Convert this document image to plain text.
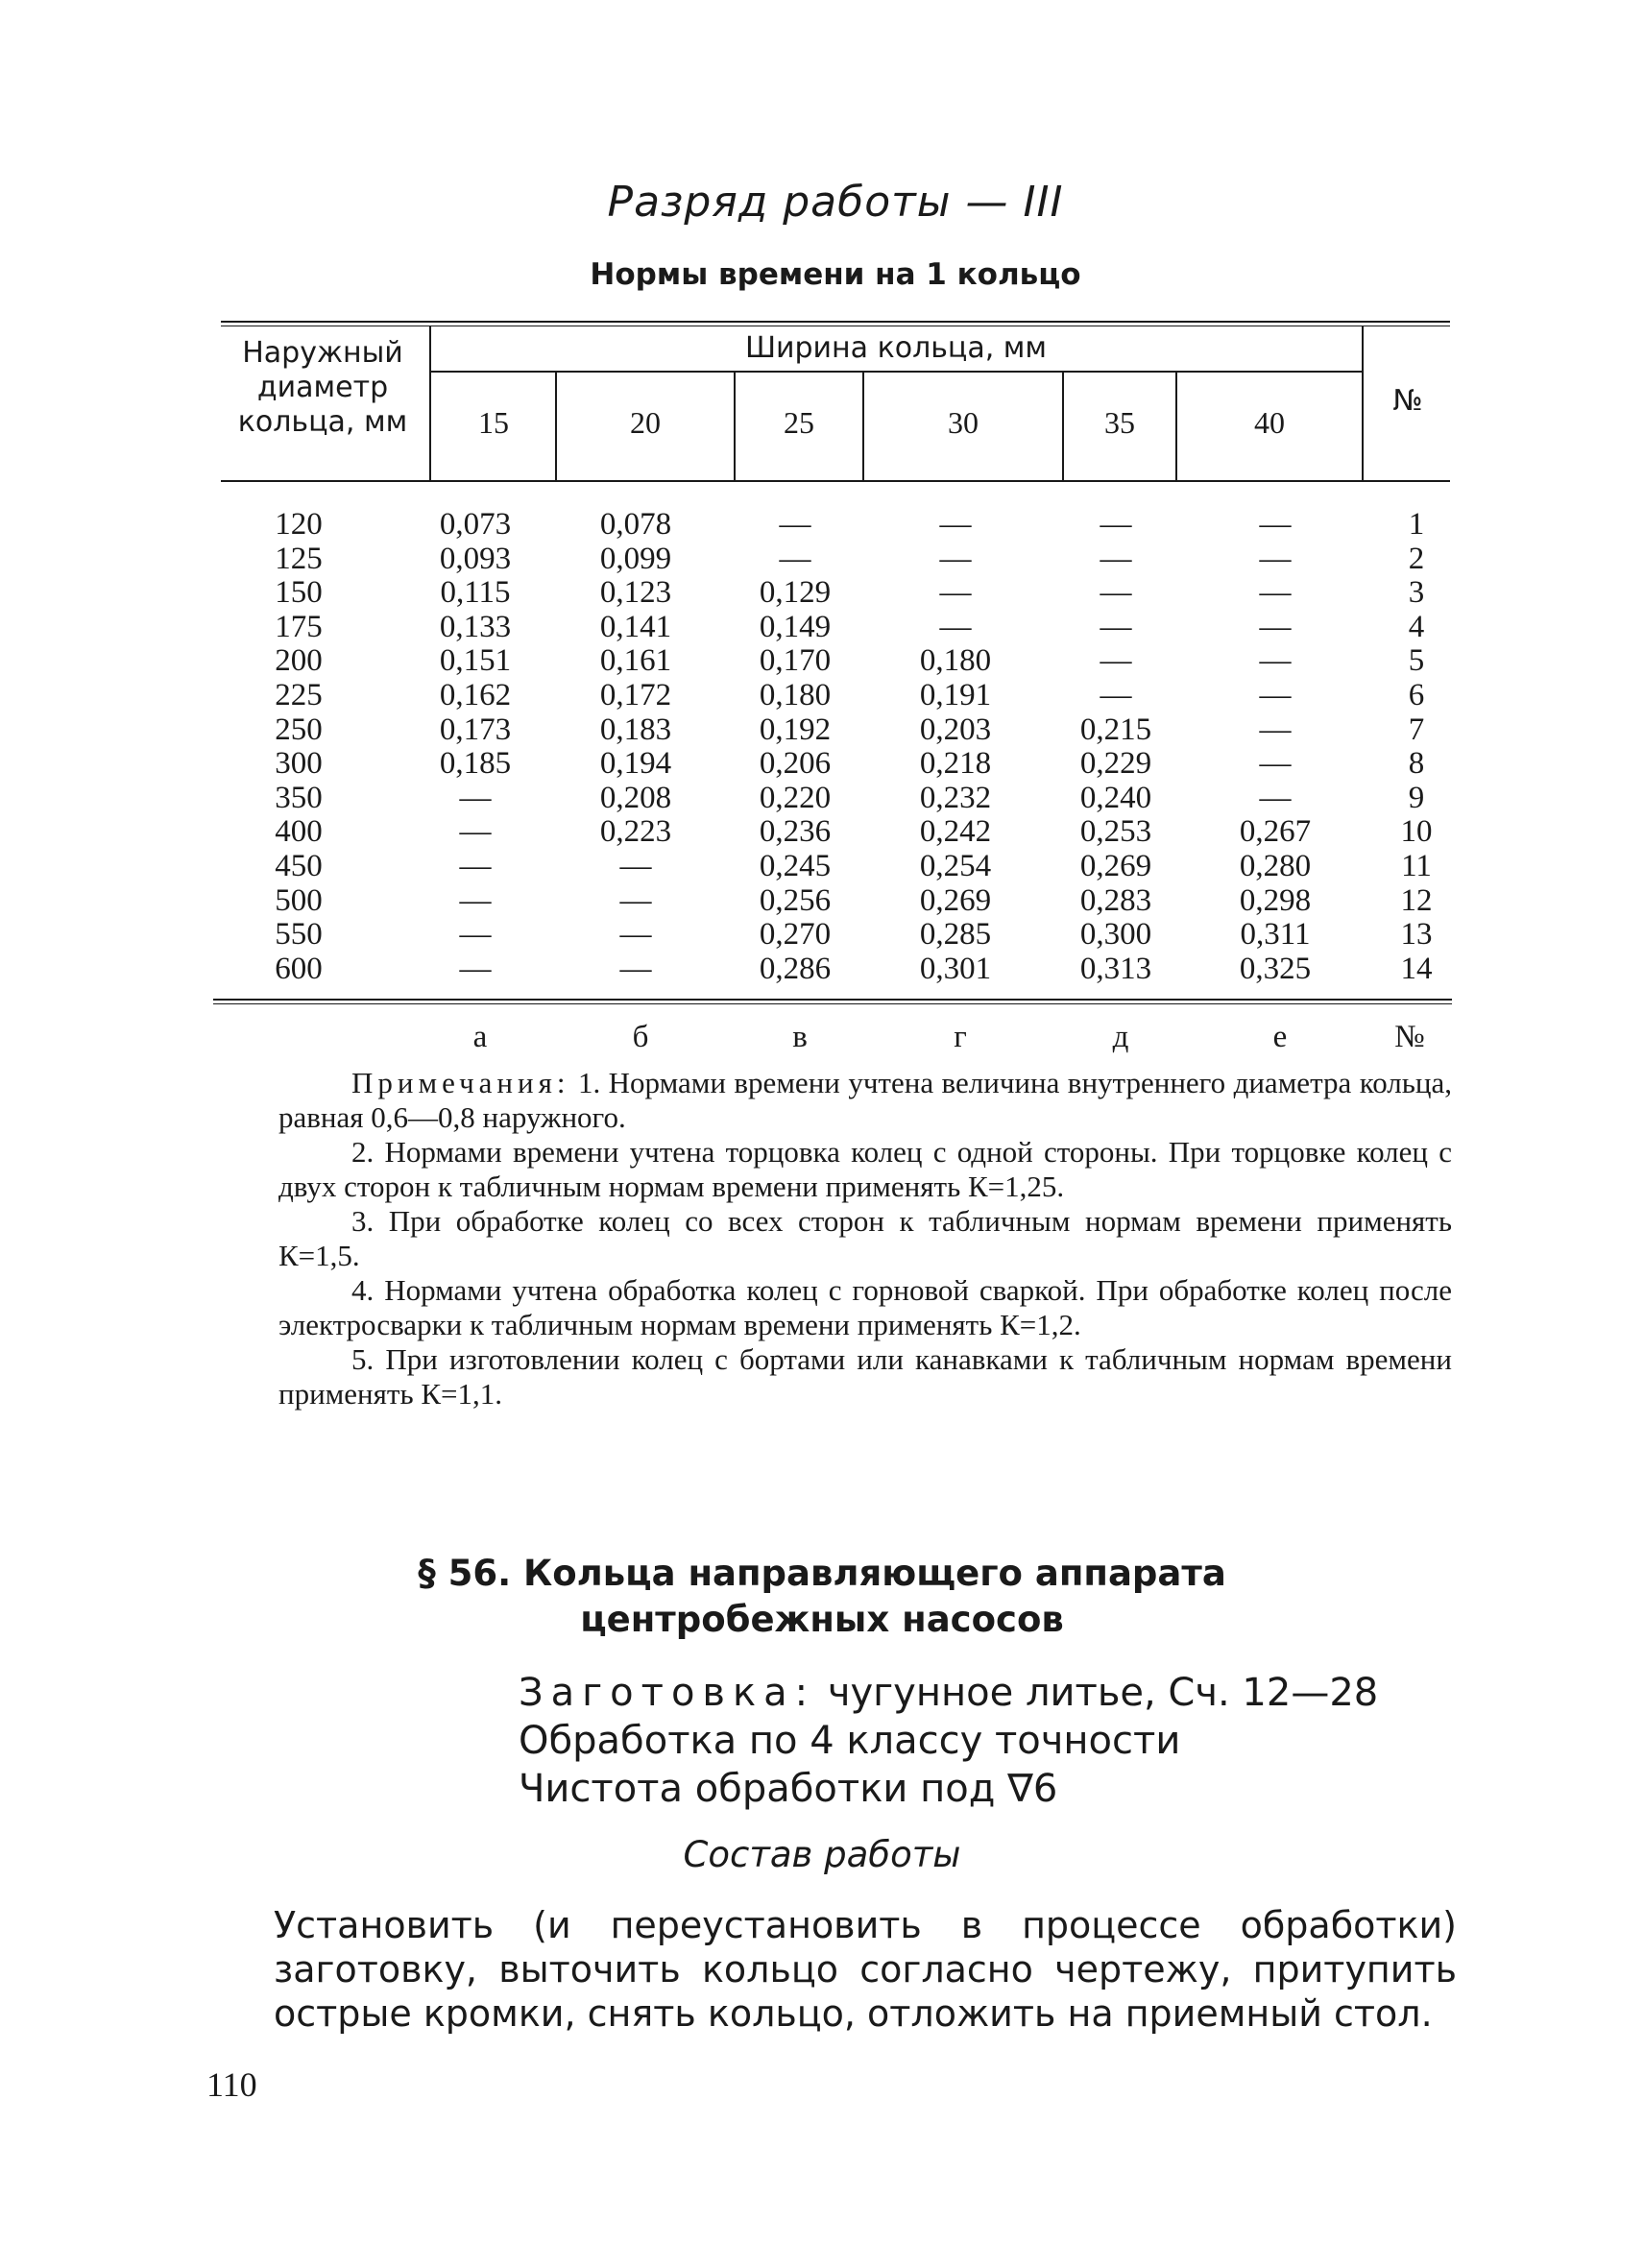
Разряд работы — III
Нормы времени на 1 кольцо
Наружный
диаметр
кольца, мм
Ширина кольца, мм
№
15	20	25	30	35	40
120	0,073	0,078	—	—	—	—	1
125	0,093	0,099	—	—	—	—	2
150	0,115	0,123	0,129	—	—	—	3
175	0,133	0,141	0,149	—	—	—	4
200	0,151	0,161	0,170	0,180	—	—	5
225	0,162	0,172	0,180	0,191	—	—	6
250	0,173	0,183	0,192	0,203	0,215	—	7
300	0,185	0,194	0,206	0,218	0,229	—	8
350	—	0,208	0,220	0,232	0,240	—	9
400	—	0,223	0,236	0,242	0,253	0,267	10
450	—	—	0,245	0,254	0,269	0,280	11
500	—	—	0,256	0,269	0,283	0,298	12
550	—	—	0,270	0,285	0,300	0,311	13
600	—	—	0,286	0,301	0,313	0,325	14
а	б	в	г	д	е	№

Примечания: 1. Нормами времени учтена величина внутреннего диаметра кольца, равная 0,6—0,8 наружного.

2. Нормами времени учтена торцовка колец с одной стороны. При торцовке колец с двух сторон к табличным нормам времени применять К=1,25.

3. При обработке колец со всех сторон к табличным нормам времени применять К=1,5.

4. Нормами учтена обработка колец с горновой сваркой. При обработке колец после электросварки к табличным нормам времени применять К=1,2.

5. При изготовлении колец с бортами или канавками к табличным нормам времени применять К=1,1.

§ 56. Кольца направляющего аппарата
центробежных насосов
Заготовка: чугунное литье, Сч. 12—28
Обработка по 4 классу точности
Чистота обработки под ∇6
Состав работы
Установить (и переустановить в процессе обработки) заготовку, выточить кольцо согласно чертежу, притупить острые кромки, снять кольцо, отложить на приемный стол.
110
